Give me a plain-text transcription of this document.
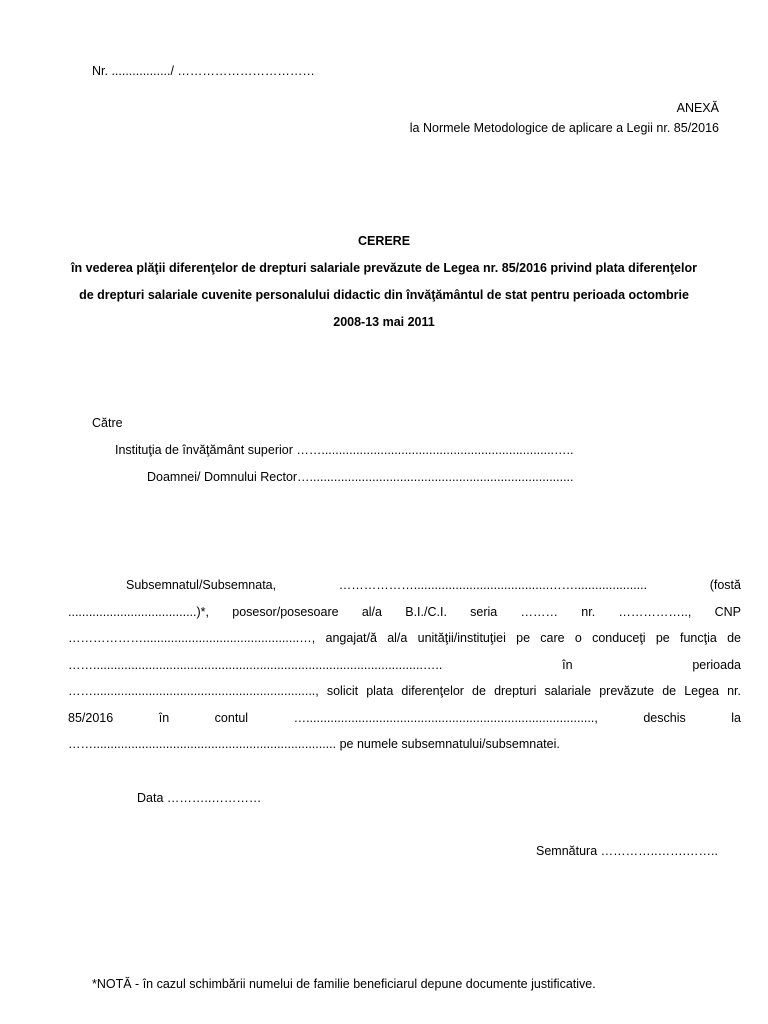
Nr. ................./ ……………………………
ANEXĂ
la Normele Metodologice de aplicare a Legii nr. 85/2016
CERERE
în vederea plăţii diferenţelor de drepturi salariale prevăzute de Legea nr. 85/2016 privind plata diferenţelor de drepturi salariale cuvenite personalului didactic din învăţământul de stat pentru perioada octombrie 2008-13 mai 2011
Către
Instituţia de învăţământ superior ……...................................................................…..
Doamnei/ Domnului Rector…............................................................................

Subsemnatul/Subsemnata, ……………….......................................……..................... (fostă .....................................)*, posesor/posesoare al/a B.I./C.I. seria ……… nr. …………….., CNP ……………….............................................…, angajat/ă al/a unităţii/instituţiei pe care o conduceţi pe funcţia de ……...............................................................................................….. în perioada ……................................................................, solicit plata diferenţelor de drepturi salariale prevăzute de Legea nr. 85/2016 în contul …..................................................................................., deschis la ……...................................................................... pe numele subsemnatului/subsemnatei.

Data ………..…………
Semnătura …………..…….……..
*NOTĂ - în cazul schimbării numelui de familie beneficiarul depune documente justificative.
